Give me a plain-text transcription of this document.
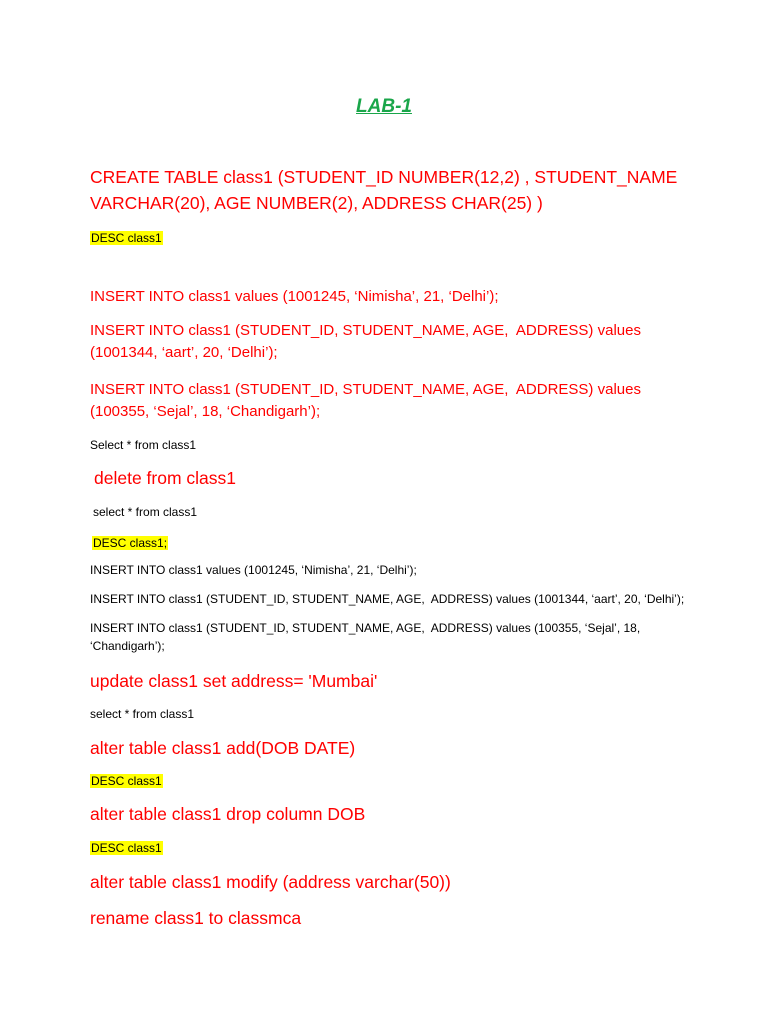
LAB-1
CREATE TABLE class1 (STUDENT_ID NUMBER(12,2) , STUDENT_NAME VARCHAR(20), AGE NUMBER(2), ADDRESS CHAR(25) )
DESC class1
INSERT INTO class1 values (1001245, ‘Nimisha’, 21, ‘Delhi’);
INSERT INTO class1 (STUDENT_ID, STUDENT_NAME, AGE,  ADDRESS) values (1001344, ‘aart’, 20, ‘Delhi’);
INSERT INTO class1 (STUDENT_ID, STUDENT_NAME, AGE,  ADDRESS) values (100355, ‘Sejal’, 18, ‘Chandigarh’);
Select * from class1
delete from class1
select * from class1
DESC class1;
INSERT INTO class1 values (1001245, ‘Nimisha’, 21, ‘Delhi’);
INSERT INTO class1 (STUDENT_ID, STUDENT_NAME, AGE,  ADDRESS) values (1001344, ‘aart’, 20, ‘Delhi’);
INSERT INTO class1 (STUDENT_ID, STUDENT_NAME, AGE,  ADDRESS) values (100355, ‘Sejal’, 18, ‘Chandigarh’);
update class1 set address= 'Mumbai'
select * from class1
alter table class1 add(DOB DATE)
DESC class1
alter table class1 drop column DOB
DESC class1
alter table class1 modify (address varchar(50))
rename class1 to classmca
